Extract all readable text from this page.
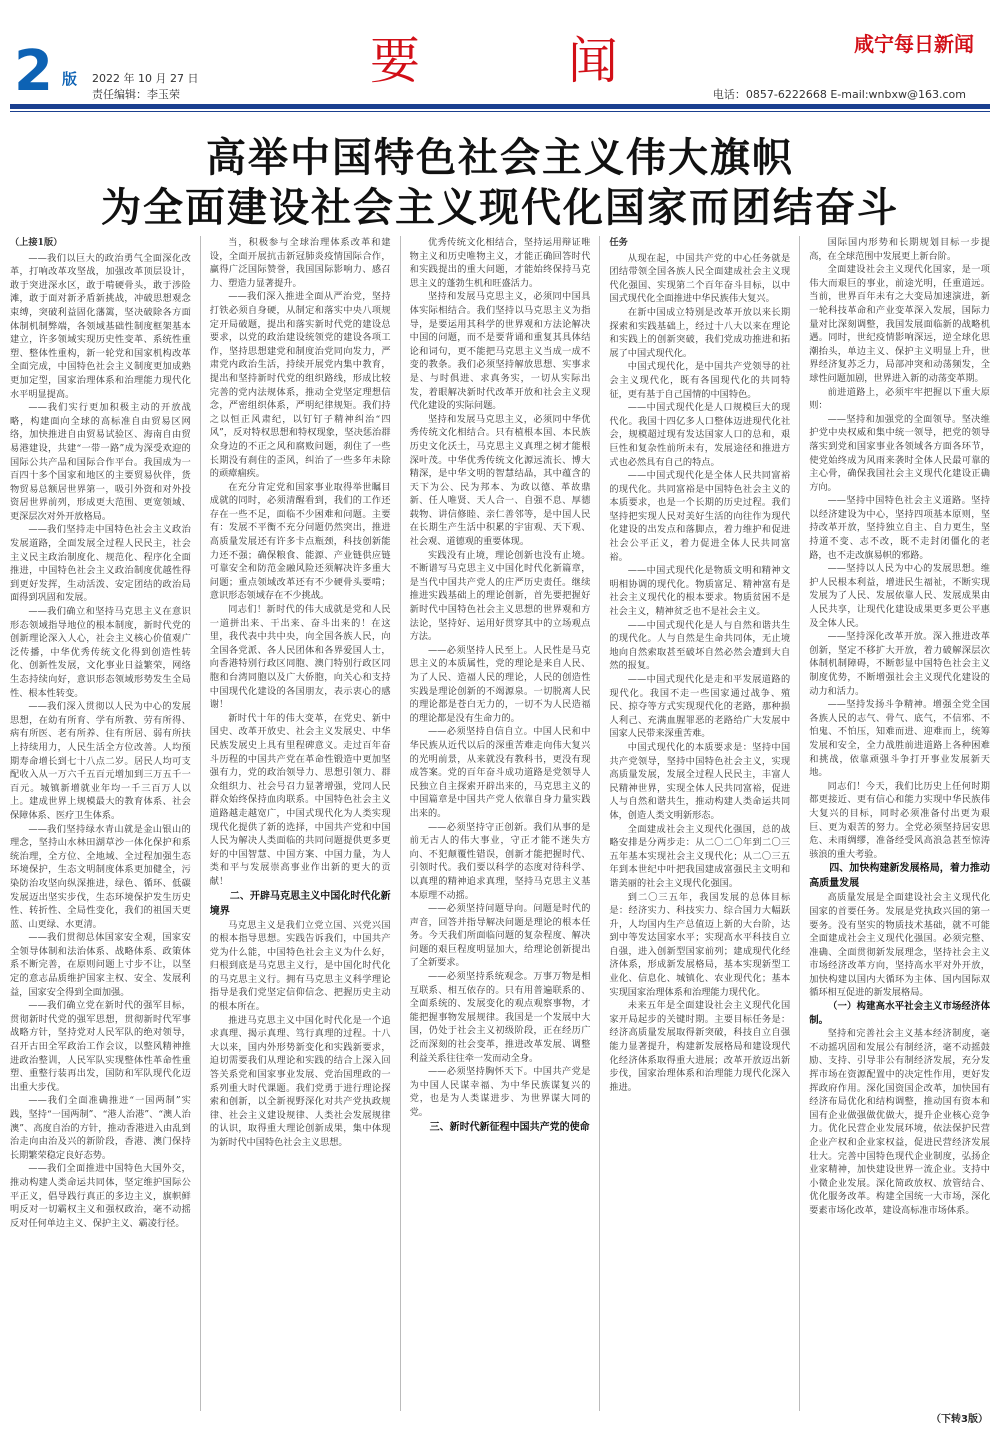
2 版 2022 年 10 月 27 日
责任编辑：李玉荣
要	闻	咸宁每日新闻
电话：0857-6222668 E-mail:wnbxw@163.com
高举中国特色社会主义伟大旗帜
为全面建设社会主义现代化国家而团结奋斗

（上接1版）

——我们以巨大的政治勇气全面深化改革，打响改革攻坚战，加强改革顶层设计，敢于突进深水区，敢于啃硬骨头，敢于涉险滩，敢于面对新矛盾新挑战，冲破思想观念束缚，突破利益固化藩篱，坚决破除各方面体制机制弊端，各领域基础性制度框架基本建立，许多领域实现历史性变革、系统性重塑、整体性重构，新一轮党和国家机构改革全面完成，中国特色社会主义制度更加成熟更加定型，国家治理体系和治理能力现代化水平明显提高。

——我们实行更加积极主动的开放战略，构建面向全球的高标准自由贸易区网络，加快推进自由贸易试验区、海南自由贸易港建设，共建“一带一路”成为深受欢迎的国际公共产品和国际合作平台。我国成为一百四十多个国家和地区的主要贸易伙伴，货物贸易总额居世界第一，吸引外资和对外投资居世界前列，形成更大范围、更宽领域、更深层次对外开放格局。

——我们坚持走中国特色社会主义政治发展道路，全面发展全过程人民民主，社会主义民主政治制度化、规范化、程序化全面推进，中国特色社会主义政治制度优越性得到更好发挥，生动活泼、安定团结的政治局面得到巩固和发展。

——我们确立和坚持马克思主义在意识形态领域指导地位的根本制度，新时代党的创新理论深入人心，社会主义核心价值观广泛传播，中华优秀传统文化得到创造性转化、创新性发展，文化事业日益繁荣，网络生态持续向好，意识形态领域形势发生全局性、根本性转变。

——我们深入贯彻以人民为中心的发展思想，在幼有所育、学有所教、劳有所得、病有所医、老有所养、住有所居、弱有所扶上持续用力，人民生活全方位改善。人均预期寿命增长到七十八点二岁。居民人均可支配收入从一万六千五百元增加到三万五千一百元。城镇新增就业年均一千三百万人以上。建成世界上规模最大的教育体系、社会保障体系、医疗卫生体系。

——我们坚持绿水青山就是金山银山的理念，坚持山水林田湖草沙一体化保护和系统治理，全方位、全地域、全过程加强生态环境保护，生态文明制度体系更加健全，污染防治攻坚向纵深推进，绿色、循环、低碳发展迈出坚实步伐，生态环境保护发生历史性、转折性、全局性变化，我们的祖国天更蓝、山更绿、水更清。

——我们贯彻总体国家安全观，国家安全领导体制和法治体系、战略体系、政策体系不断完善，在原则问题上寸步不让，以坚定的意志品质维护国家主权、安全、发展利益，国家安全得到全面加强。

——我们确立党在新时代的强军目标，贯彻新时代党的强军思想，贯彻新时代军事战略方针，坚持党对人民军队的绝对领导，召开古田全军政治工作会议，以整风精神推进政治整训，人民军队实现整体性革命性重塑、重整行装再出发，国防和军队现代化迈出重大步伐。

——我们全面准确推进“一国两制”实践，坚持“一国两制”、“港人治港”、“澳人治澳”、高度自治的方针，推动香港进入由乱到治走向由治及兴的新阶段，香港、澳门保持长期繁荣稳定良好态势。

——我们全面推进中国特色大国外交，推动构建人类命运共同体，坚定维护国际公平正义，倡导践行真正的多边主义，旗帜鲜明反对一切霸权主义和强权政治，毫不动摇反对任何单边主义、保护主义、霸凌行径。

当，积极参与全球治理体系改革和建设，全面开展抗击新冠肺炎疫情国际合作，赢得广泛国际赞誉，我国国际影响力、感召力、塑造力显著提升。

——我们深入推进全面从严治党，坚持打铁必须自身硬，从制定和落实中央八项规定开局破题，提出和落实新时代党的建设总要求，以党的政治建设统领党的建设各项工作，坚持思想建党和制度治党同向发力，严肃党内政治生活，持续开展党内集中教育，提出和坚持新时代党的组织路线，形成比较完善的党内法规体系，推动全党坚定理想信念，严密组织体系，严明纪律规矩。我们持之以恒正风肃纪，以钉钉子精神纠治“四风”，反对特权思想和特权现象，坚决惩治群众身边的不正之风和腐败问题，刹住了一些长期没有刹住的歪风，纠治了一些多年未除的顽瘴痼疾。

在充分肯定党和国家事业取得举世瞩目成就的同时，必须清醒看到，我们的工作还存在一些不足，面临不少困难和问题。主要有：发展不平衡不充分问题仍然突出，推进高质量发展还有许多卡点瓶颈，科技创新能力还不强；确保粮食、能源、产业链供应链可靠安全和防范金融风险还须解决许多重大问题；重点领域改革还有不少硬骨头要啃；意识形态领域存在不少挑战。

同志们！新时代的伟大成就是党和人民一道拼出来、干出来、奋斗出来的！在这里，我代表中共中央，向全国各族人民，向全国各党派、各人民团体和各界爱国人士，向香港特别行政区同胞、澳门特别行政区同胞和台湾同胞以及广大侨胞，向关心和支持中国现代化建设的各国朋友，表示衷心的感谢！

新时代十年的伟大变革，在党史、新中国史、改革开放史、社会主义发展史、中华民族发展史上具有里程碑意义。走过百年奋斗历程的中国共产党在革命性锻造中更加坚强有力，党的政治领导力、思想引领力、群众组织力、社会号召力显著增强，党同人民群众始终保持血肉联系。中国特色社会主义道路越走越宽广，中国式现代化为人类实现现代化提供了新的选择，中国共产党和中国人民为解决人类面临的共同问题提供更多更好的中国智慧、中国方案、中国力量，为人类和平与发展崇高事业作出新的更大的贡献！

二、开辟马克思主义中国化时代化新境界

马克思主义是我们立党立国、兴党兴国的根本指导思想。实践告诉我们，中国共产党为什么能，中国特色社会主义为什么好，归根到底是马克思主义行，是中国化时代化的马克思主义行。拥有马克思主义科学理论指导是我们党坚定信仰信念、把握历史主动的根本所在。

推进马克思主义中国化时代化是一个追求真理、揭示真理、笃行真理的过程。十八大以来，国内外形势新变化和实践新要求，迫切需要我们从理论和实践的结合上深入回答关系党和国家事业发展、党治国理政的一系列重大时代课题。我们党勇于进行理论探索和创新，以全新视野深化对共产党执政规律、社会主义建设规律、人类社会发展规律的认识，取得重大理论创新成果，集中体现为新时代中国特色社会主义思想。

优秀传统文化相结合，坚持运用辩证唯物主义和历史唯物主义，才能正确回答时代和实践提出的重大问题，才能始终保持马克思主义的蓬勃生机和旺盛活力。

坚持和发展马克思主义，必须同中国具体实际相结合。我们坚持以马克思主义为指导，是要运用其科学的世界观和方法论解决中国的问题，而不是要背诵和重复其具体结论和词句，更不能把马克思主义当成一成不变的教条。我们必须坚持解放思想、实事求是、与时俱进、求真务实，一切从实际出发，着眼解决新时代改革开放和社会主义现代化建设的实际问题。

坚持和发展马克思主义，必须同中华优秀传统文化相结合。只有植根本国、本民族历史文化沃土，马克思主义真理之树才能根深叶茂。中华优秀传统文化源远流长、博大精深，是中华文明的智慧结晶，其中蕴含的天下为公、民为邦本、为政以德、革故鼎新、任人唯贤、天人合一、自强不息、厚德载物、讲信修睦、亲仁善邻等，是中国人民在长期生产生活中积累的宇宙观、天下观、社会观、道德观的重要体现。

实践没有止境，理论创新也没有止境。不断谱写马克思主义中国化时代化新篇章，是当代中国共产党人的庄严历史责任。继续推进实践基础上的理论创新，首先要把握好新时代中国特色社会主义思想的世界观和方法论，坚持好、运用好贯穿其中的立场观点方法。

——必须坚持人民至上。人民性是马克思主义的本质属性，党的理论是来自人民、为了人民、造福人民的理论，人民的创造性实践是理论创新的不竭源泉。一切脱离人民的理论都是苍白无力的，一切不为人民造福的理论都是没有生命力的。

——必须坚持自信自立。中国人民和中华民族从近代以后的深重苦难走向伟大复兴的光明前景，从来就没有教科书，更没有现成答案。党的百年奋斗成功道路是党领导人民独立自主探索开辟出来的，马克思主义的中国篇章是中国共产党人依靠自身力量实践出来的。

——必须坚持守正创新。我们从事的是前无古人的伟大事业，守正才能不迷失方向、不犯颠覆性错误，创新才能把握时代、引领时代。我们要以科学的态度对待科学、以真理的精神追求真理，坚持马克思主义基本原理不动摇。

——必须坚持问题导向。问题是时代的声音，回答并指导解决问题是理论的根本任务。今天我们所面临问题的复杂程度、解决问题的艰巨程度明显加大，给理论创新提出了全新要求。

——必须坚持系统观念。万事万物是相互联系、相互依存的。只有用普遍联系的、全面系统的、发展变化的观点观察事物，才能把握事物发展规律。我国是一个发展中大国，仍处于社会主义初级阶段，正在经历广泛而深刻的社会变革，推进改革发展、调整利益关系往往牵一发而动全身。

——必须坚持胸怀天下。中国共产党是为中国人民谋幸福、为中华民族谋复兴的党，也是为人类谋进步、为世界谋大同的党。

三、新时代新征程中国共产党的使命

任务

从现在起，中国共产党的中心任务就是团结带领全国各族人民全面建成社会主义现代化强国、实现第二个百年奋斗目标，以中国式现代化全面推进中华民族伟大复兴。

在新中国成立特别是改革开放以来长期探索和实践基础上，经过十八大以来在理论和实践上的创新突破，我们党成功推进和拓展了中国式现代化。

中国式现代化，是中国共产党领导的社会主义现代化，既有各国现代化的共同特征，更有基于自己国情的中国特色。

——中国式现代化是人口规模巨大的现代化。我国十四亿多人口整体迈进现代化社会，规模超过现有发达国家人口的总和，艰巨性和复杂性前所未有，发展途径和推进方式也必然具有自己的特点。

——中国式现代化是全体人民共同富裕的现代化。共同富裕是中国特色社会主义的本质要求，也是一个长期的历史过程。我们坚持把实现人民对美好生活的向往作为现代化建设的出发点和落脚点，着力维护和促进社会公平正义，着力促进全体人民共同富裕。

——中国式现代化是物质文明和精神文明相协调的现代化。物质富足、精神富有是社会主义现代化的根本要求。物质贫困不是社会主义，精神贫乏也不是社会主义。

——中国式现代化是人与自然和谐共生的现代化。人与自然是生命共同体，无止境地向自然索取甚至破坏自然必然会遭到大自然的报复。

——中国式现代化是走和平发展道路的现代化。我国不走一些国家通过战争、殖民、掠夺等方式实现现代化的老路，那种损人利己、充满血腥罪恶的老路给广大发展中国家人民带来深重苦难。

中国式现代化的本质要求是：坚持中国共产党领导，坚持中国特色社会主义，实现高质量发展，发展全过程人民民主，丰富人民精神世界，实现全体人民共同富裕，促进人与自然和谐共生，推动构建人类命运共同体，创造人类文明新形态。

全面建成社会主义现代化强国，总的战略安排是分两步走：从二〇二〇年到二〇三五年基本实现社会主义现代化；从二〇三五年到本世纪中叶把我国建成富强民主文明和谐美丽的社会主义现代化强国。

到二〇三五年，我国发展的总体目标是：经济实力、科技实力、综合国力大幅跃升，人均国内生产总值迈上新的大台阶，达到中等发达国家水平；实现高水平科技自立自强，进入创新型国家前列；建成现代化经济体系，形成新发展格局，基本实现新型工业化、信息化、城镇化、农业现代化；基本实现国家治理体系和治理能力现代化。

未来五年是全面建设社会主义现代化国家开局起步的关键时期。主要目标任务是：经济高质量发展取得新突破，科技自立自强能力显著提升，构建新发展格局和建设现代化经济体系取得重大进展；改革开放迈出新步伐，国家治理体系和治理能力现代化深入推进。

国际国内形势和长期规划目标一步提高，在全球范围中发展更上新台阶。

全面建设社会主义现代化国家，是一项伟大而艰巨的事业，前途光明，任重道远。当前，世界百年未有之大变局加速演进，新一轮科技革命和产业变革深入发展，国际力量对比深刻调整，我国发展面临新的战略机遇。同时，世纪疫情影响深远，逆全球化思潮抬头，单边主义、保护主义明显上升，世界经济复苏乏力，局部冲突和动荡频发，全球性问题加剧，世界进入新的动荡变革期。

前进道路上，必须牢牢把握以下重大原则：

——坚持和加强党的全面领导。坚决维护党中央权威和集中统一领导，把党的领导落实到党和国家事业各领域各方面各环节，使党始终成为风雨来袭时全体人民最可靠的主心骨，确保我国社会主义现代化建设正确方向。

——坚持中国特色社会主义道路。坚持以经济建设为中心，坚持四项基本原则，坚持改革开放，坚持独立自主、自力更生，坚持道不变、志不改，既不走封闭僵化的老路，也不走改旗易帜的邪路。

——坚持以人民为中心的发展思想。维护人民根本利益，增进民生福祉，不断实现发展为了人民、发展依靠人民、发展成果由人民共享，让现代化建设成果更多更公平惠及全体人民。

——坚持深化改革开放。深入推进改革创新，坚定不移扩大开放，着力破解深层次体制机制障碍，不断彰显中国特色社会主义制度优势，不断增强社会主义现代化建设的动力和活力。

——坚持发扬斗争精神。增强全党全国各族人民的志气、骨气、底气，不信邪、不怕鬼、不怕压，知难而进、迎难而上，统筹发展和安全，全力战胜前进道路上各种困难和挑战，依靠顽强斗争打开事业发展新天地。

同志们！今天，我们比历史上任何时期都更接近、更有信心和能力实现中华民族伟大复兴的目标，同时必须准备付出更为艰巨、更为艰苦的努力。全党必须坚持居安思危、未雨绸缪，准备经受风高浪急甚至惊涛骇浪的重大考验。

四、加快构建新发展格局，着力推动高质量发展

高质量发展是全面建设社会主义现代化国家的首要任务。发展是党执政兴国的第一要务。没有坚实的物质技术基础，就不可能全面建成社会主义现代化强国。必须完整、准确、全面贯彻新发展理念，坚持社会主义市场经济改革方向，坚持高水平对外开放，加快构建以国内大循环为主体、国内国际双循环相互促进的新发展格局。

（一）构建高水平社会主义市场经济体制。

坚持和完善社会主义基本经济制度，毫不动摇巩固和发展公有制经济，毫不动摇鼓励、支持、引导非公有制经济发展，充分发挥市场在资源配置中的决定性作用，更好发挥政府作用。深化国资国企改革，加快国有经济布局优化和结构调整，推动国有资本和国有企业做强做优做大，提升企业核心竞争力。优化民营企业发展环境，依法保护民营企业产权和企业家权益，促进民营经济发展壮大。完善中国特色现代企业制度，弘扬企业家精神，加快建设世界一流企业。支持中小微企业发展。深化简政放权、放管结合、优化服务改革。构建全国统一大市场，深化要素市场化改革，建设高标准市场体系。

（下转3版）
